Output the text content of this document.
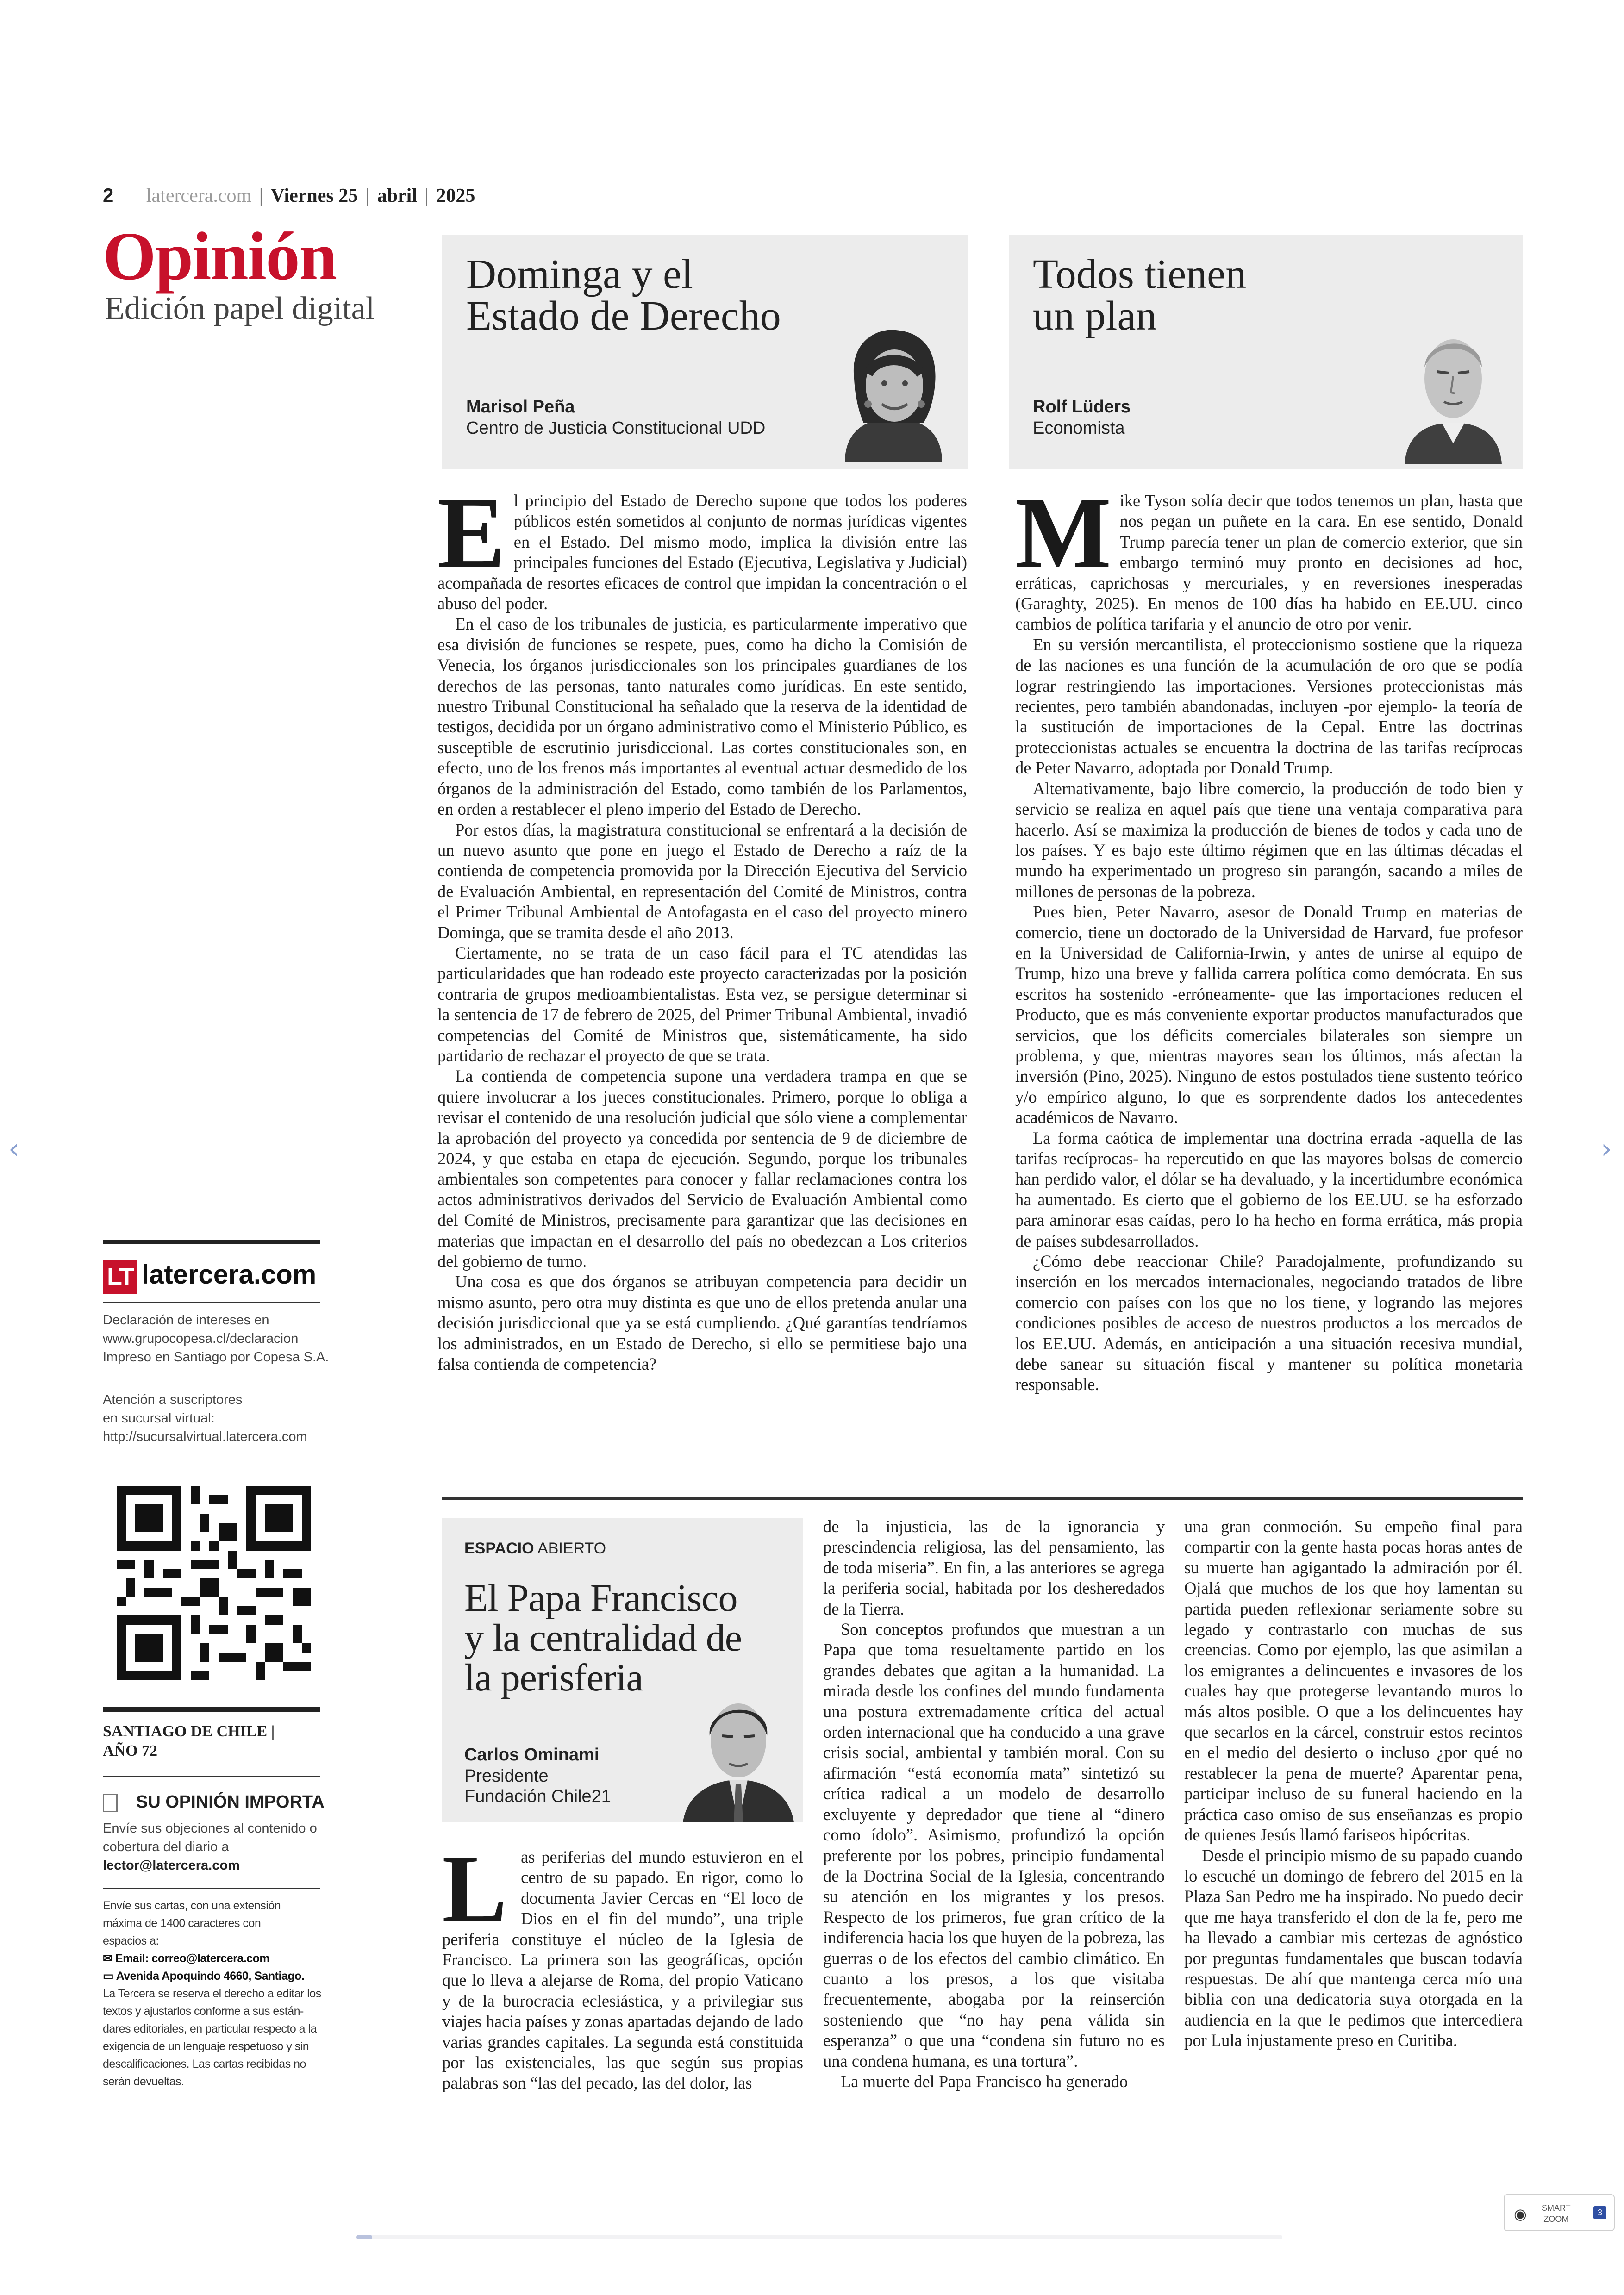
2 latercera.com | Viernes 25 | abril | 2025
Opinión
Edición papel digital
Dominga y el
Estado de Derecho
Marisol Peña
Centro de Justicia Constitucional UDD
Todos tienen
un plan
Rolf Lüders
Economista

El principio del Estado de Derecho supone que todos los poderes públicos estén sometidos al conjunto de normas jurídicas vigentes en el Estado. Del mismo modo, implica la división entre las principales funciones del Estado (Ejecutiva, Legislativa y Judicial) acompañada de resortes eficaces de control que impidan la concentración o el abuso del poder.

En el caso de los tribunales de justicia, es particularmente imperativo que esa división de funciones se respete, pues, como ha dicho la Comisión de Venecia, los órganos jurisdiccionales son los principales guardianes de los derechos de las personas, tanto naturales como jurídicas. En este sentido, nuestro Tribunal Constitucional ha señalado que la reserva de la identidad de testigos, decidida por un órgano administrativo como el Ministerio Público, es susceptible de escrutinio jurisdiccional. Las cortes constitucionales son, en efecto, uno de los frenos más importantes al eventual actuar desmedido de los órganos de la administración del Estado, como también de los Parlamentos, en orden a restablecer el pleno imperio del Estado de Derecho.

Por estos días, la magistratura constitucional se enfrentará a la decisión de un nuevo asunto que pone en juego el Estado de Derecho a raíz de la contienda de competencia promovida por la Dirección Ejecutiva del Servicio de Evaluación Ambiental, en representación del Comité de Ministros, contra el Primer Tribunal Ambiental de Antofagasta en el caso del proyecto minero Dominga, que se tramita desde el año 2013.

Ciertamente, no se trata de un caso fácil para el TC atendidas las particularidades que han rodeado este proyecto caracterizadas por la posición contraria de grupos medioambientalistas. Esta vez, se persigue determinar si la sentencia de 17 de febrero de 2025, del Primer Tribunal Ambiental, invadió competencias del Comité de Ministros que, sistemáticamente, ha sido partidario de rechazar el proyecto de que se trata.

La contienda de competencia supone una verdadera trampa en que se quiere involucrar a los jueces constitucionales. Primero, porque lo obliga a revisar el contenido de una resolución judicial que sólo viene a complementar la aprobación del proyecto ya concedida por sentencia de 9 de diciembre de 2024, y que estaba en etapa de ejecución. Segundo, porque los tribunales ambientales son competentes para conocer y fallar reclamaciones contra los actos administrativos derivados del Servicio de Evaluación Ambiental como del Comité de Ministros, precisamente para garantizar que las decisiones en materias que impactan en el desarrollo del país no obedezcan a Los criterios del gobierno de turno.

Una cosa es que dos órganos se atribuyan competencia para decidir un mismo asunto, pero otra muy distinta es que uno de ellos pretenda anular una decisión jurisdiccional que ya se está cumpliendo. ¿Qué garantías tendríamos los administrados, en un Estado de Derecho, si ello se permitiese bajo una falsa contienda de competencia?

Mike Tyson solía decir que todos tenemos un plan, hasta que nos pegan un puñete en la cara. En ese sentido, Donald Trump parecía tener un plan de comercio exterior, que sin embargo terminó muy pronto en decisiones ad hoc, erráticas, caprichosas y mercuriales, y en reversiones inesperadas (Garaghty, 2025). En menos de 100 días ha habido en EE.UU. cinco cambios de política tarifaria y el anuncio de otro por venir.

En su versión mercantilista, el proteccionismo sostiene que la riqueza de las naciones es una función de la acumulación de oro que se podía lograr restringiendo las importaciones. Versiones proteccionistas más recientes, pero también abandonadas, incluyen -por ejemplo- la teoría de la sustitución de importaciones de la Cepal. Entre las doctrinas proteccionistas actuales se encuentra la doctrina de las tarifas recíprocas de Peter Navarro, adoptada por Donald Trump.

Alternativamente, bajo libre comercio, la producción de todo bien y servicio se realiza en aquel país que tiene una ventaja comparativa para hacerlo. Así se maximiza la producción de bienes de todos y cada uno de los países. Y es bajo este último régimen que en las últimas décadas el mundo ha experimentado un progreso sin parangón, sacando a miles de millones de personas de la pobreza.

Pues bien, Peter Navarro, asesor de Donald Trump en materias de comercio, tiene un doctorado de la Universidad de Harvard, fue profesor en la Universidad de California-Irwin, y antes de unirse al equipo de Trump, hizo una breve y fallida carrera política como demócrata. En sus escritos ha sostenido -erróneamente- que las importaciones reducen el Producto, que es más conveniente exportar productos manufacturados que servicios, que los déficits comerciales bilaterales son siempre un problema, y que, mientras mayores sean los últimos, más afectan la inversión (Pino, 2025). Ninguno de estos postulados tiene sustento teórico y/o empírico alguno, lo que es sorprendente dados los antecedentes académicos de Navarro.

La forma caótica de implementar una doctrina errada -aquella de las tarifas recíprocas- ha repercutido en que las mayores bolsas de comercio han perdido valor, el dólar se ha devaluado, y la incertidumbre económica ha aumentado. Es cierto que el gobierno de los EE.UU. se ha esforzado para aminorar esas caídas, pero lo ha hecho en forma errática, más propia de países subdesarrollados.

¿Cómo debe reaccionar Chile? Paradojalmente, profundizando su inserción en los mercados internacionales, negociando tratados de libre comercio con países con los que no los tiene, y logrando las mejores condiciones posibles de acceso de nuestros productos a los mercados de los EE.UU. Además, en anticipación a una situación recesiva mundial, debe sanear su situación fiscal y mantener su política monetaria responsable.

LT latercera.com
Declaración de intereses en
www.grupocopesa.cl/declaracion
Impreso en Santiago por Copesa S.A.
Atención a suscriptores
en sucursal virtual:
http://sucursalvirtual.latercera.com
SANTIAGO DE CHILE |
AÑO 72
SU OPINIÓN IMPORTA
Envíe sus objeciones al contenido o
cobertura del diario a
lector@latercera.com
Envíe sus cartas, con una extensión
máxima de 1400 caracteres con
espacios a:
✉ Email: correo@latercera.com
▭ Avenida Apoquindo 4660, Santiago.
La Tercera se reserva el derecho a editar los
textos y ajustarlos conforme a sus están-
dares editoriales, en particular respecto a la
exigencia de un lenguaje respetuoso y sin
descalificaciones. Las cartas recibidas no
serán devueltas.
ESPACIO ABIERTO
El Papa Francisco
y la centralidad de
la perisferia
Carlos Ominami
Presidente
Fundación Chile21

Las periferias del mundo estuvieron en el centro de su papado. En rigor, como lo documenta Javier Cercas en “El loco de Dios en el fin del mundo”, una triple periferia constituye el núcleo de la Iglesia de Francisco. La primera son las geográficas, opción que lo lleva a alejarse de Roma, del propio Vaticano y de la burocracia eclesiástica, y a privilegiar sus viajes hacia países y zonas apartadas dejando de lado varias grandes capitales. La segunda está constituida por las existenciales, las que según sus propias palabras son “las del pecado, las del dolor, las

de la injusticia, las de la ignorancia y prescindencia religiosa, las del pensamiento, las de toda miseria”. En fin, a las anteriores se agrega la periferia social, habitada por los desheredados de la Tierra.

Son conceptos profundos que muestran a un Papa que toma resueltamente partido en los grandes debates que agitan a la humanidad. La mirada desde los confines del mundo fundamenta una postura extremadamente crítica del actual orden internacional que ha conducido a una grave crisis social, ambiental y también moral. Con su afirmación “está economía mata” sintetizó su crítica radical a un modelo de desarrollo excluyente y depredador que tiene al “dinero como ídolo”. Asimismo, profundizó la opción preferente por los pobres, principio fundamental de la Doctrina Social de la Iglesia, concentrando su atención en los migrantes y los presos. Respecto de los primeros, fue gran crítico de la indiferencia hacia los que huyen de la pobreza, las guerras o de los efectos del cambio climático. En cuanto a los presos, a los que visitaba frecuentemente, abogaba por la reinserción sosteniendo que “no hay pena válida sin esperanza” o que una “condena sin futuro no es una condena humana, es una tortura”.

La muerte del Papa Francisco ha generado

una gran conmoción. Su empeño final para compartir con la gente hasta pocas horas antes de su muerte han agigantado la admiración por él. Ojalá que muchos de los que hoy lamentan su partida pueden reflexionar seriamente sobre su legado y contrastarlo con muchas de sus creencias. Como por ejemplo, las que asimilan a los emigrantes a delincuentes e invasores de los cuales hay que protegerse levantando muros lo más altos posible. O que a los delincuentes hay que secarlos en la cárcel, construir estos recintos en el medio del desierto o incluso ¿por qué no restablecer la pena de muerte? Aparentar pena, participar incluso de su funeral haciendo en la práctica caso omiso de sus enseñanzas es propio de quienes Jesús llamó fariseos hipócritas.

Desde el principio mismo de su papado cuando lo escuché un domingo de febrero del 2015 en la Plaza San Pedro me ha inspirado. No puedo decir que me haya transferido el don de la fe, pero me ha llevado a cambiar mis certezas de agnóstico por preguntas fundamentales que buscan todavía respuestas. De ahí que mantenga cerca mío una biblia con una dedicatoria suya otorgada en la audiencia en la que le pedimos que intercediera por Lula injustamente preso en Curitiba.

‹	›
◉ SMART
ZOOM
3
